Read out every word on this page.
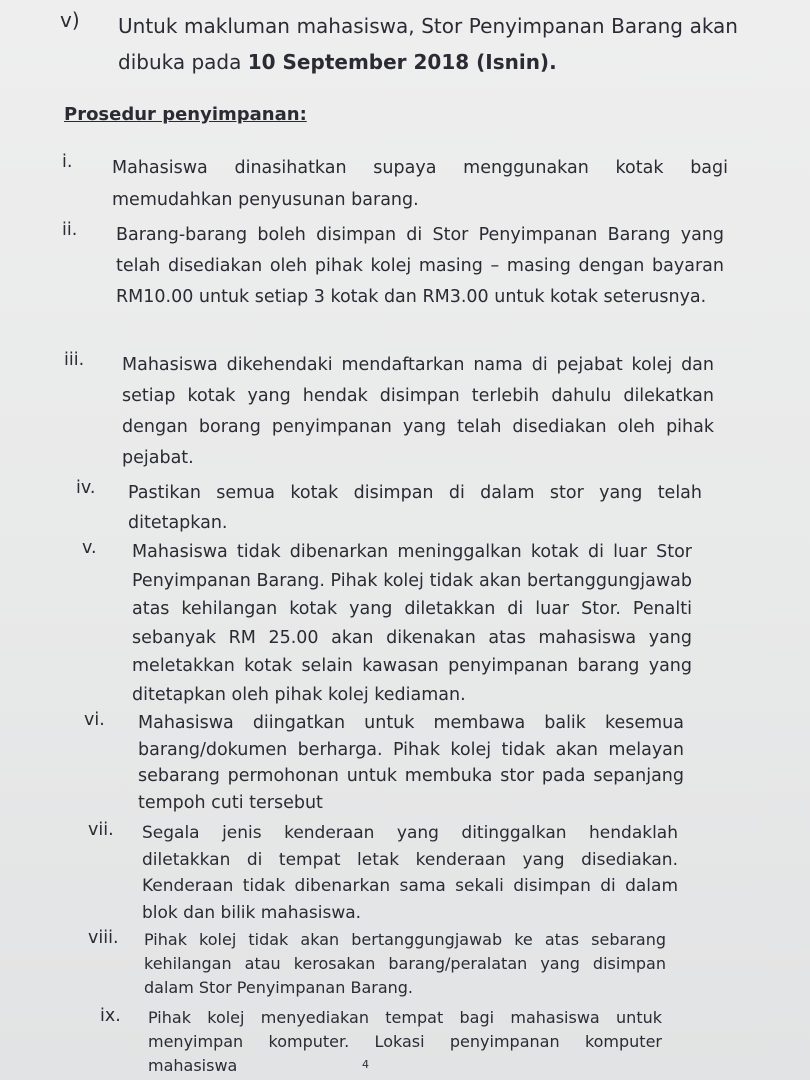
v) Untuk makluman mahasiswa, Stor Penyimpanan Barang akan dibuka pada 10 September 2018 (Isnin).
Prosedur penyimpanan:
i. Mahasiswa dinasihatkan supaya menggunakan kotak bagi memudahkan penyusunan barang.
ii. Barang-barang boleh disimpan di Stor Penyimpanan Barang yang telah disediakan oleh pihak kolej masing – masing dengan bayaran RM10.00 untuk setiap 3 kotak dan RM3.00 untuk kotak seterusnya.
iii. Mahasiswa dikehendaki mendaftarkan nama di pejabat kolej dan setiap kotak yang hendak disimpan terlebih dahulu dilekatkan dengan borang penyimpanan yang telah disediakan oleh pihak pejabat.
iv. Pastikan semua kotak disimpan di dalam stor yang telah ditetapkan.
v. Mahasiswa tidak dibenarkan meninggalkan kotak di luar Stor Penyimpanan Barang. Pihak kolej tidak akan bertanggungjawab atas kehilangan kotak yang diletakkan di luar Stor. Penalti sebanyak RM 25.00 akan dikenakan atas mahasiswa yang meletakkan kotak selain kawasan penyimpanan barang yang ditetapkan oleh pihak kolej kediaman.
vi. Mahasiswa diingatkan untuk membawa balik kesemua barang/dokumen berharga. Pihak kolej tidak akan melayan sebarang permohonan untuk membuka stor pada sepanjang tempoh cuti tersebut
vii. Segala jenis kenderaan yang ditinggalkan hendaklah diletakkan di tempat letak kenderaan yang disediakan. Kenderaan tidak dibenarkan sama sekali disimpan di dalam blok dan bilik mahasiswa.
viii. Pihak kolej tidak akan bertanggungjawab ke atas sebarang kehilangan atau kerosakan barang/peralatan yang disimpan dalam Stor Penyimpanan Barang.
ix. Pihak kolej menyediakan tempat bagi mahasiswa untuk menyimpan komputer. Lokasi penyimpanan komputer mahasiswa	4
